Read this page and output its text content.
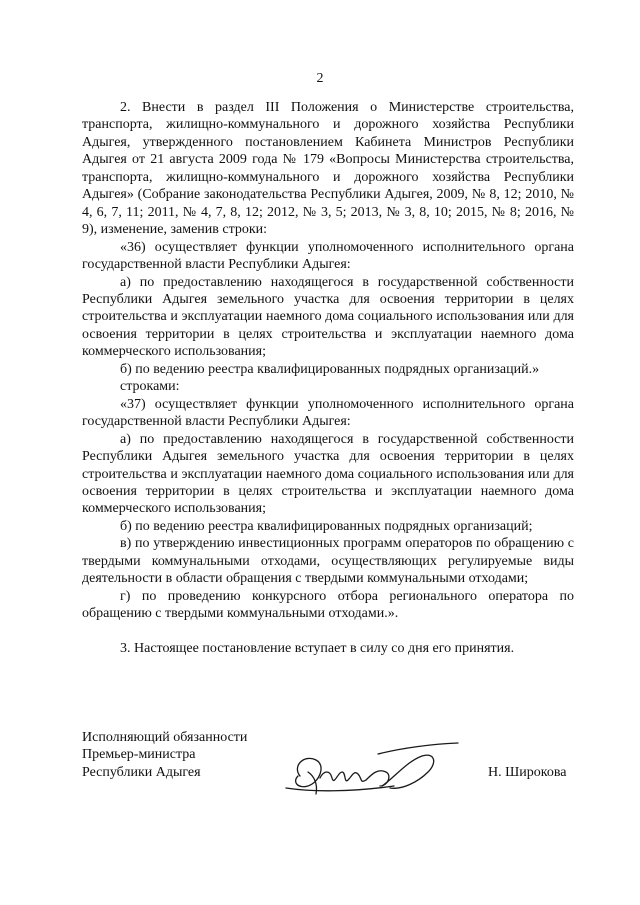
2

2. Внести в раздел III Положения о Министерстве строительства, транспорта, жилищно-коммунального и дорожного хозяйства Республики Адыгея, утвержденного постановлением Кабинета Министров Республики Адыгея от 21 августа 2009 года № 179 «Вопросы Министерства строительства, транспорта, жилищно-коммунального и дорожного хозяйства Республики Адыгея» (Собрание законодательства Республики Адыгея, 2009, № 8, 12; 2010, № 4, 6, 7, 11; 2011, № 4, 7, 8, 12; 2012, № 3, 5; 2013, № 3, 8, 10; 2015, № 8; 2016, № 9), изменение, заменив строки:

«36) осуществляет функции уполномоченного исполнительного органа государственной власти Республики Адыгея:

а) по предоставлению находящегося в государственной собственности Республики Адыгея земельного участка для освоения территории в целях строительства и эксплуатации наемного дома социального использования или для освоения территории в целях строительства и эксплуатации наемного дома коммерческого использования;

б) по ведению реестра квалифицированных подрядных организаций.»

строками:

«37) осуществляет функции уполномоченного исполнительного органа государственной власти Республики Адыгея:

а) по предоставлению находящегося в государственной собственности Республики Адыгея земельного участка для освоения территории в целях строительства и эксплуатации наемного дома социального использования или для освоения территории в целях строительства и эксплуатации наемного дома коммерческого использования;

б) по ведению реестра квалифицированных подрядных организаций;

в) по утверждению инвестиционных программ операторов по обращению с твердыми коммунальными отходами, осуществляющих регулируемые виды деятельности в области обращения с твердыми коммунальными отходами;

г) по проведению конкурсного отбора регионального оператора по обращению с твердыми коммунальными отходами.».

3. Настоящее постановление вступает в силу со дня его принятия.

Исполняющий обязанности
Премьер-министра
Республики Адыгея	Н. Широкова
